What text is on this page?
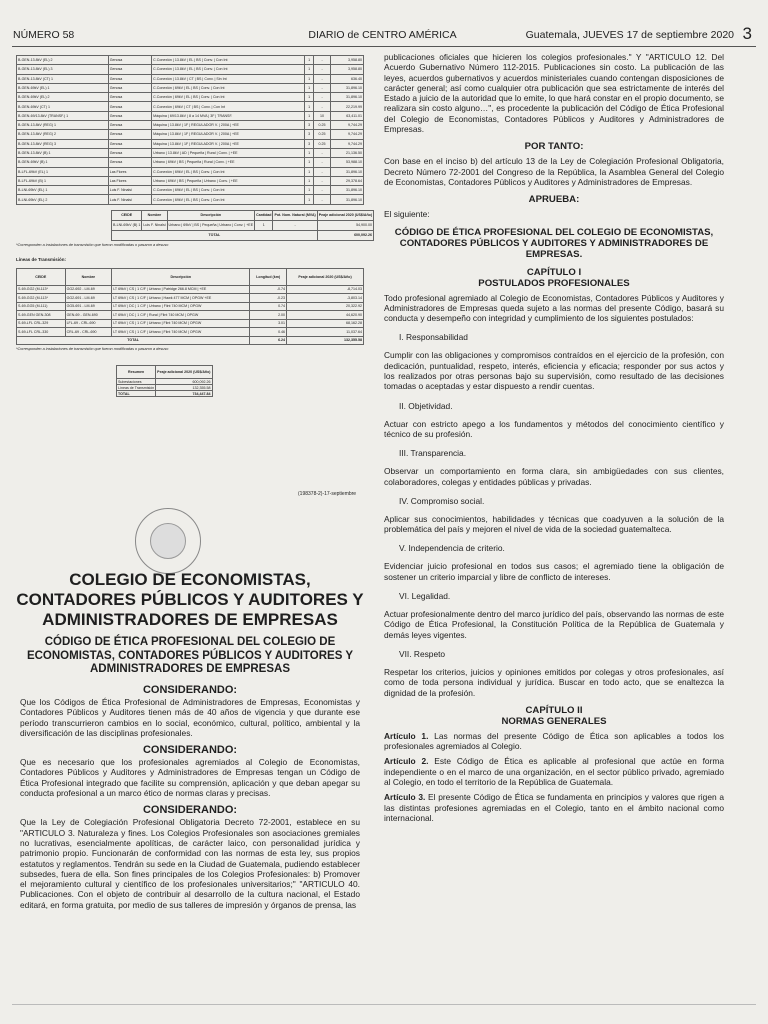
NÚMERO 58	DIARIO de CENTRO AMÉRICA	Guatemala, JUEVES 17 de septiembre 2020 3
B-GEN-13.8kV (EL) 2	Genosa	C.Conexión | 13.8kV | EL | BS | Conv. | Con Int	1	-	3,958.80
B-GEN-13.8kV (EL) 3	Genosa	C.Conexión | 13.8kV | EL | BS | Conv. | Con Int	1	-	3,958.80
B-GEN-13.8kV (CT) 1	Genosa	C.Conexión | 13.8kV | CT | BS | Conv. | Sin Int	1	-	636.40
B-GEN-69kV (EL) 1	Genosa	C.Conexión | 69kV | EL | BS | Conv. | Con Int	1	-	31,896.10
B-GEN-69kV (EL) 2	Genosa	C.Conexión | 69kV | EL | BS | Conv. | Con Int	1	-	31,896.10
B-GEN-69kV (CT) 1	Genosa	C.Conexión | 69kV | CT | BS | Conv. | Con Int	1	-	22,219.99
B-GEN-69/13.8kV (TRANSF.) 1	Genosa	Máquina | 69/13.8kV | 8 a 14 MVA | 3F | TRANSF.	1	10	63,411.01
B-GEN-13.8kV (REG) 1	Genosa	Máquina | 13.8kV | 1F | REGULADOR V. | 200A | +EE	3	0.25	9,744.29
B-GEN-13.8kV (REG) 2	Genosa	Máquina | 13.8kV | 1F | REGULADOR V. | 200A | +EE	3	0.25	9,744.29
B-GEN-13.8kV (REG) 3	Genosa	Máquina | 13.8kV | 1F | REGULADOR V. | 200A | +EE	3	0.25	9,744.29
B-GEN-13.8kV (B) 1	Genosa	Urbano | 13.8kV | AD | Pequeña | Rural | Conv. | +EE	1	-	21,136.50
B-GEN-69kV (B) 1	Genosa	Urbano | 69kV | BS | Pequeña | Rural | Conv. | +EE	1	-	53,988.10
B-LFL-69kV (EL) 1	Las Flores	C.Conexión | 69kV | EL | BS | Conv. | Con Int	1	-	31,896.10
B-LFL-69kV (B) 1	Las Flores	Urbano | 69kV | BS | Pequeña | Urbano | Conv. | +EE	1	-	29,378.64
B-LNI-69kV (EL) 1	Luis F. Ninalsi	C.Conexión | 69kV | EL | BS | Conv. | Con Int	1	-	31,896.10
B-LNI-69kV (EL) 2	Luis F. Ninalsi	C.Conexión | 69kV | EL | BS | Conv. | Con Int	1	-	31,896.10
CEIDE	Nombre	Descripción	Cantidad	Pot. Nom. Natural (MVA)	Peaje adicional 2020 (US$/Año)
B-LNI-69kV (B) 1	Luis F. Ninalsi	Urbano | 69kV | BS | Pequeña | Urbano | Conv. | +EE	1	-	54,900.00
TOTAL					600,092.26
*Corresponden a instalaciones de transmisión que fueron modificadas o pasaron a desuso
Líneas de Transmisión:
CEIDE	Nombre	Descripción	Longitud (km)	Peaje adicional 2020 (US$/Año)
S-69-GG2 (M-113*	GG2-692 - LM-69	LT 69kV | CS | 1 C/F | Urbano | Patridge 266.8 MCM | +EE	-0.74	-8,714.03
S-69-GG2 (M-113*	GG2-691 - LM-69	LT 69kV | CS | 1 C/F | Urbano | Hawk 477 MCM | OPGW +EE	-0.23	-3,803.14
S-69-GG5 (M-111)	GG5-691 - LM-69	LT 69kV | DC | 1 C/F | Urbano | Flint 740 MCM | OPGW	0.74	20,322.92
S-69-GEN GEN-308	GEN-69 - GEN-690	LT 69kV | DC | 1 C/F | Rural | Flint 740 MCM | OPGW	2.00	44,620.90
S-69-LFL CRL-329	LFL-69 - CRL-690	LT 69kV | CS | 1 C/F | Urbano | Flint 740 MCM | OPGW	3.01	68,162.28
S-69-LFL CRL-330	CRL-69 - CRL-690	LT 69kV | CS | 1 C/F | Urbano | Flint 740 MCM | OPGW	0.46	11,037.64
TOTAL			6.24	132,355.58
*Corresponden a instalaciones de transmisión que fueron modificadas o pasaron a desuso
Resumen	Peaje adicional 2020 (US$/Año)
Subestaciones	600,092.26
Líneas de Transmisión	132,355.58
TOTAL	734,447.84
(198378-2)-17-septiembre
COLEGIO DE ECONOMISTAS, CONTADORES PÚBLICOS Y AUDITORES Y ADMINISTRADORES DE EMPRESAS
CÓDIGO DE ÉTICA PROFESIONAL DEL COLEGIO DE ECONOMISTAS, CONTADORES PÚBLICOS Y AUDITORES Y ADMINISTRADORES DE EMPRESAS
CONSIDERANDO:

Que los Códigos de Ética Profesional de Administradores de Empresas, Economistas y Contadores Públicos y Auditores tienen más de 40 años de vigencia y que durante ese período transcurrieron cambios en lo social, económico, cultural, político, ambiental y la diversificación de las disciplinas profesionales.

CONSIDERANDO:

Que es necesario que los profesionales agremiados al Colegio de Economistas, Contadores Públicos y Auditores y Administradores de Empresas tengan un Código de Ética Profesional integrado que facilite su comprensión, aplicación y que deban apegar su conducta profesional a un marco ético de normas claras y precisas.

CONSIDERANDO:

Que la Ley de Colegiación Profesional Obligatoria Decreto 72-2001, establece en su "ARTICULO 3. Naturaleza y fines. Los Colegios Profesionales son asociaciones gremiales no lucrativas, esencialmente apolíticas, de carácter laico, con personalidad jurídica y patrimonio propio. Funcionarán de conformidad con las normas de esta ley, sus propios estatutos y reglamentos. Tendrán su sede en la Ciudad de Guatemala, pudiendo establecer subsedes, fuera de ella. Son fines principales de los Colegios Profesionales: b) Promover el mejoramiento cultural y científico de los profesionales universitarios;" "ARTICULO 40. Publicaciones. Con el objeto de contribuir al desarrollo de la cultura nacional, el Estado editará, en forma gratuita, por medio de sus talleres de impresión y órganos de prensa, las

publicaciones oficiales que hicieren los colegios profesionales." Y "ARTICULO 12. Del Acuerdo Gubernativo Número 112-2015. Publicaciones sin costo. La publicación de las leyes, acuerdos gubernativos y acuerdos ministeriales cuando contengan disposiciones de carácter general; así como cualquier otra publicación que sea estrictamente de interés del Estado a juicio de la autoridad que lo emite, lo que hará constar en el propio documento, se realizara sin costo alguno…", es procedente la publicación del Código de Ética Profesional del Colegio de Economistas, Contadores Públicos y Auditores y Administradores de Empresas.

POR TANTO:

Con base en el inciso b) del artículo 13 de la Ley de Colegiación Profesional Obligatoria, Decreto Número 72-2001 del Congreso de la República, la Asamblea General del Colegio de Economistas, Contadores Públicos y Auditores y Administradores de Empresas.

APRUEBA:

El siguiente:

CÓDIGO DE ÉTICA PROFESIONAL DEL COLEGIO DE ECONOMISTAS, CONTADORES PÚBLICOS Y AUDITORES Y ADMINISTRADORES DE EMPRESAS.
CAPÍTULO I
POSTULADOS PROFESIONALES

Todo profesional agremiado al Colegio de Economistas, Contadores Públicos y Auditores y Administradores de Empresas queda sujeto a las normas del presente Código, basará su conducta y desempeño con integridad y cumplimiento de los siguientes postulados:

I. Responsabilidad

Cumplir con las obligaciones y compromisos contraídos en el ejercicio de la profesión, con dedicación, puntualidad, respeto, interés, eficiencia y eficacia; responder por sus actos y los realizados por otras personas bajo su supervisión, como resultado de las decisiones tomadas o aceptadas y estar dispuesto a rendir cuentas.

II. Objetividad.

Actuar con estricto apego a los fundamentos y métodos del conocimiento científico y técnico de su profesión.

III. Transparencia.

Observar un comportamiento en forma clara, sin ambigüedades con sus clientes, colaboradores, colegas y entidades públicas y privadas.

IV. Compromiso social.

Aplicar sus conocimientos, habilidades y técnicas que coadyuven a la solución de la problemática del país y mejoren el nivel de vida de la sociedad guatemalteca.

V. Independencia de criterio.

Evidenciar juicio profesional en todos sus casos; el agremiado tiene la obligación de sostener un criterio imparcial y libre de conflicto de intereses.

VI. Legalidad.

Actuar profesionalmente dentro del marco jurídico del país, observando las normas de este Código de Ética Profesional, la Constitución Política de la República de Guatemala y demás leyes vigentes.

VII. Respeto

Respetar los criterios, juicios y opiniones emitidos por colegas y otros profesionales, así como de toda persona individual y jurídica. Buscar en todo acto, que se enaltezca la dignidad de la profesión.

CAPÍTULO II
NORMAS GENERALES

Artículo 1. Las normas del presente Código de Ética son aplicables a todos los profesionales agremiados al Colegio.

Artículo 2. Este Código de Ética es aplicable al profesional que actúe en forma independiente o en el marco de una organización, en el sector público privado, agremiado al Colegio, en todo el territorio de la República de Guatemala.

Artículo 3. El presente Código de Ética se fundamenta en principios y valores que rigen a las distintas profesiones agremiadas en el Colegio, tanto en el ámbito nacional como internacional.
